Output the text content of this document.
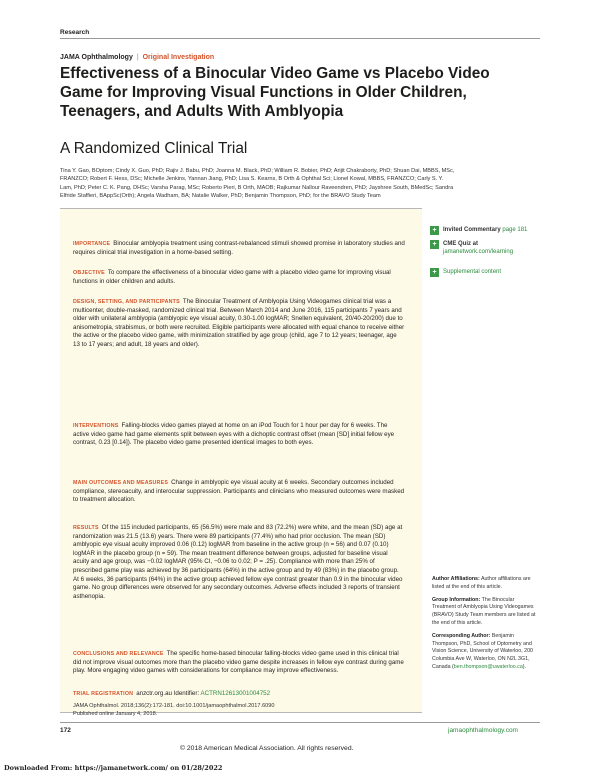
Research
JAMA Ophthalmology | Original Investigation
Effectiveness of a Binocular Video Game vs Placebo Video Game for Improving Visual Functions in Older Children, Teenagers, and Adults With Amblyopia
A Randomized Clinical Trial
Tina Y. Gao, BOptom; Cindy X. Guo, PhD; Rajiv J. Babu, PhD; Joanna M. Black, PhD; William R. Bobier, PhD; Arijit Chakraborty, PhD; Shuan Dai, MBBS, MSc, FRANZCO; Robert F. Hess, DSc; Michelle Jenkins, Yannan Jiang, PhD; Lisa S. Kearns, B Orth & Ophthal Sci; Lionel Kowal, MBBS, FRANZCO; Carly S. Y. Lam, PhD; Peter C. K. Pang, DHSc; Varsha Parag, MSc; Roberto Pieri, B Orth, MAOB; Rajkumar Nallour Raveendren, PhD; Jayshree South, BMedSc; Sandra Elfride Staffieri, BAppSc(Orth); Angela Wadham, BA; Natalie Walker, PhD; Benjamin Thompson, PhD; for the BRAVO Study Team
IMPORTANCE Binocular amblyopia treatment using contrast-rebalanced stimuli showed promise in laboratory studies and requires clinical trial investigation in a home-based setting.
OBJECTIVE To compare the effectiveness of a binocular video game with a placebo video game for improving visual functions in older children and adults.
DESIGN, SETTING, AND PARTICIPANTS The Binocular Treatment of Amblyopia Using Videogames clinical trial was a multicenter, double-masked, randomized clinical trial. Between March 2014 and June 2016, 115 participants 7 years and older with unilateral amblyopia (amblyopic eye visual acuity, 0.30-1.00 logMAR; Snellen equivalent, 20/40-20/200) due to anisometropia, strabismus, or both were recruited. Eligible participants were allocated with equal chance to receive either the active or the placebo video game, with minimization stratified by age group (child, age 7 to 12 years; teenager, age 13 to 17 years; and adult, 18 years and older).
INTERVENTIONS Falling-blocks video games played at home on an iPod Touch for 1 hour per day for 6 weeks. The active video game had game elements split between eyes with a dichoptic contrast offset (mean [SD] initial fellow eye contrast, 0.23 [0.14]). The placebo video game presented identical images to both eyes.
MAIN OUTCOMES AND MEASURES Change in amblyopic eye visual acuity at 6 weeks. Secondary outcomes included compliance, stereoacuity, and interocular suppression. Participants and clinicians who measured outcomes were masked to treatment allocation.
RESULTS Of the 115 included participants, 65 (56.5%) were male and 83 (72.2%) were white, and the mean (SD) age at randomization was 21.5 (13.6) years. There were 89 participants (77.4%) who had prior occlusion. The mean (SD) amblyopic eye visual acuity improved 0.06 (0.12) logMAR from baseline in the active group (n = 56) and 0.07 (0.10) logMAR in the placebo group (n = 59). The mean treatment difference between groups, adjusted for baseline visual acuity and age group, was −0.02 logMAR (95% CI, −0.06 to 0.02; P = .25). Compliance with more than 25% of prescribed game play was achieved by 36 participants (64%) in the active group and by 49 (83%) in the placebo group. At 6 weeks, 36 participants (64%) in the active group achieved fellow eye contrast greater than 0.9 in the binocular video game. No group differences were observed for any secondary outcomes. Adverse effects included 3 reports of transient asthenopia.
CONCLUSIONS AND RELEVANCE The specific home-based binocular falling-blocks video game used in this clinical trial did not improve visual outcomes more than the placebo video game despite increases in fellow eye contrast during game play. More engaging video games with considerations for compliance may improve effectiveness.
TRIAL REGISTRATION anzctr.org.au Identifier: ACTRN12613001004752
JAMA Ophthalmol. 2018;136(2):172-181. doi:10.1001/jamaophthalmol.2017.6090
Published online January 4, 2018.
+	Invited Commentary page 181
+	CME Quiz at
jamanetwork.com/learning
+	Supplemental content
Author Affiliations: Author affiliations are listed at the end of this article.
Group Information: The Binocular Treatment of Amblyopia Using Videogames (BRAVO) Study Team members are listed at the end of this article.
Corresponding Author: Benjamin Thompson, PhD, School of Optometry and Vision Science, University of Waterloo, 200 Columbia Ave W, Waterloo, ON N2L 3G1, Canada (ben.thompson@uwaterloo.ca).
172	jamaophthalmology.com
© 2018 American Medical Association. All rights reserved.
Downloaded From: https://jamanetwork.com/ on 01/28/2022
